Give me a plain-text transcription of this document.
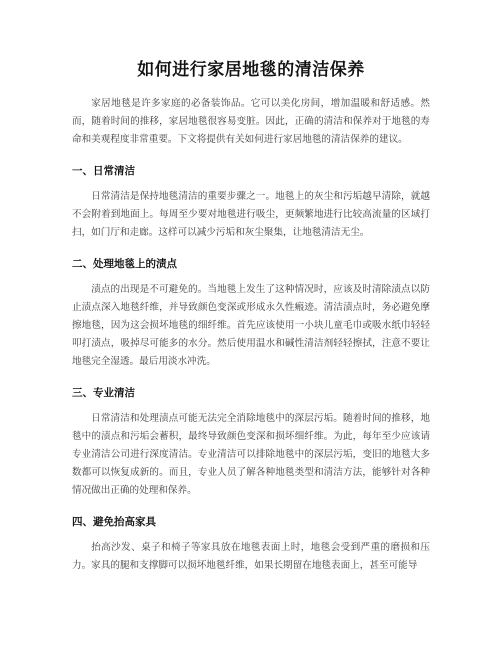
如何进行家居地毯的清洁保养

家居地毯是许多家庭的必备装饰品。它可以美化房间，增加温暖和舒适感。然而，随着时间的推移，家居地毯很容易变脏。因此，正确的清洁和保养对于地毯的寿命和美观程度非常重要。下文将提供有关如何进行家居地毯的清洁保养的建议。

一、日常清洁

日常清洁是保持地毯清洁的重要步骤之一。地毯上的灰尘和污垢越早清除，就越不会附着到地面上。每周至少要对地毯进行吸尘，更频繁地进行比较高流量的区域打扫，如门厅和走廊。这样可以减少污垢和灰尘聚集，让地毯清洁无尘。

二、处理地毯上的渍点

渍点的出现是不可避免的。当地毯上发生了这种情况时，应该及时清除渍点以防止渍点深入地毯纤维，并导致颜色变深或形成永久性瘢迹。清洁渍点时，务必避免摩擦地毯，因为这会损坏地毯的细纤维。首先应该使用一小块儿童毛巾或吸水纸巾轻轻叩打渍点，吸掉尽可能多的水分。然后使用温水和碱性清洁剂轻轻擦拭，注意不要让地毯完全湿透。最后用淡水冲洗。

三、专业清洁

日常清洁和处理渍点可能无法完全消除地毯中的深层污垢。随着时间的推移，地毯中的渍点和污垢会蓄积，最终导致颜色变深和损坏细纤维。为此，每年至少应该请专业清洁公司进行深度清洁。专业清洁可以排除地毯中的深层污垢，变旧的地毯大多数都可以恢复成新的。而且，专业人员了解各种地毯类型和清洁方法，能够针对各种情况做出正确的处理和保养。

四、避免抬高家具

抬高沙发、桌子和椅子等家具放在地毯表面上时，地毯会受到严重的磨损和压力。家具的腿和支撑脚可以损坏地毯纤维，如果长期留在地毯表面上，甚至可能导
